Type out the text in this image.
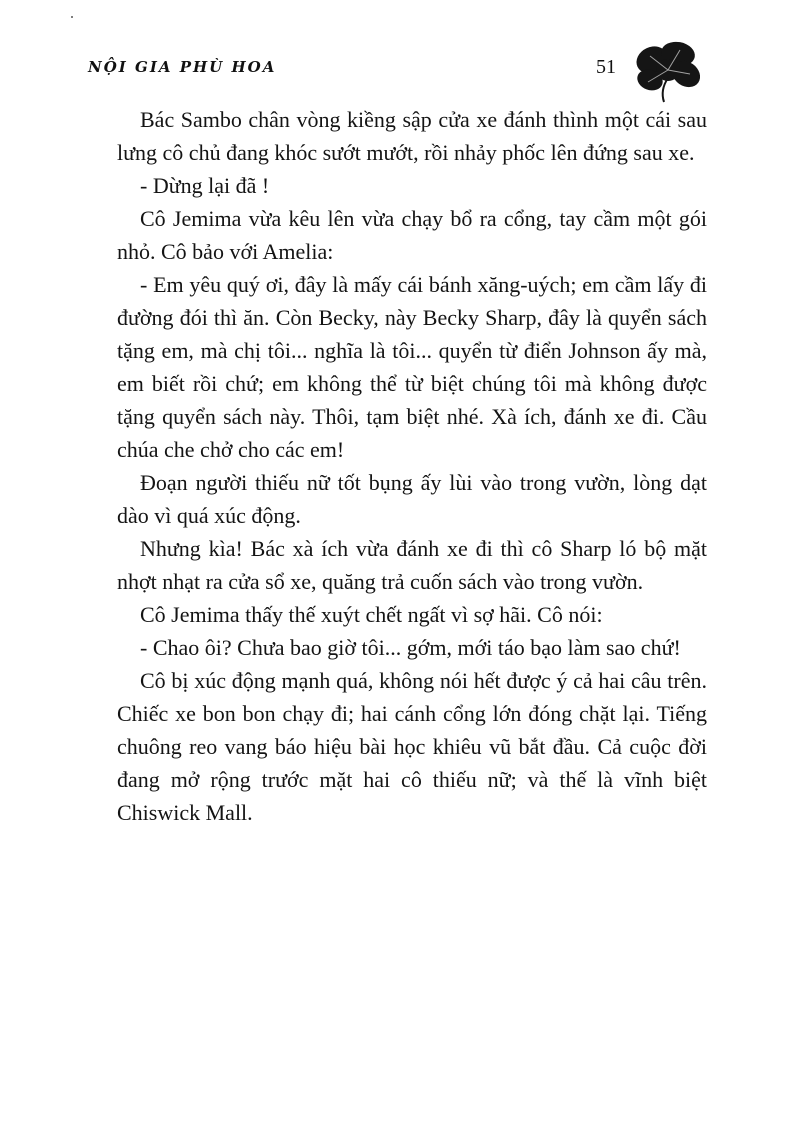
NỘI GIA PHÙ HOA	51

Bác Sambo chân vòng kiềng sập cửa xe đánh thình một cái sau lưng cô chủ đang khóc sướt mướt, rồi nhảy phốc lên đứng sau xe.

- Dừng lại đã !

Cô Jemima vừa kêu lên vừa chạy bổ ra cổng, tay cầm một gói nhỏ. Cô bảo với Amelia:

- Em yêu quý ơi, đây là mấy cái bánh xăng-uých; em cầm lấy đi đường đói thì ăn. Còn Becky, này Becky Sharp, đây là quyển sách tặng em, mà chị tôi... nghĩa là tôi... quyển từ điển Johnson ấy mà, em biết rồi chứ; em không thể từ biệt chúng tôi mà không được tặng quyển sách này. Thôi, tạm biệt nhé. Xà ích, đánh xe đi. Cầu chúa che chở cho các em!

Đoạn người thiếu nữ tốt bụng ấy lùi vào trong vườn, lòng dạt dào vì quá xúc động.

Nhưng kìa! Bác xà ích vừa đánh xe đi thì cô Sharp ló bộ mặt nhợt nhạt ra cửa sổ xe, quăng trả cuốn sách vào trong vườn.

Cô Jemima thấy thế xuýt chết ngất vì sợ hãi. Cô nói:

- Chao ôi? Chưa bao giờ tôi... gớm, mới táo bạo làm sao chứ!

Cô bị xúc động mạnh quá, không nói hết được ý cả hai câu trên. Chiếc xe bon bon chạy đi; hai cánh cổng lớn đóng chặt lại. Tiếng chuông reo vang báo hiệu bài học khiêu vũ bắt đầu. Cả cuộc đời đang mở rộng trước mặt hai cô thiếu nữ; và thế là vĩnh biệt Chiswick Mall.
